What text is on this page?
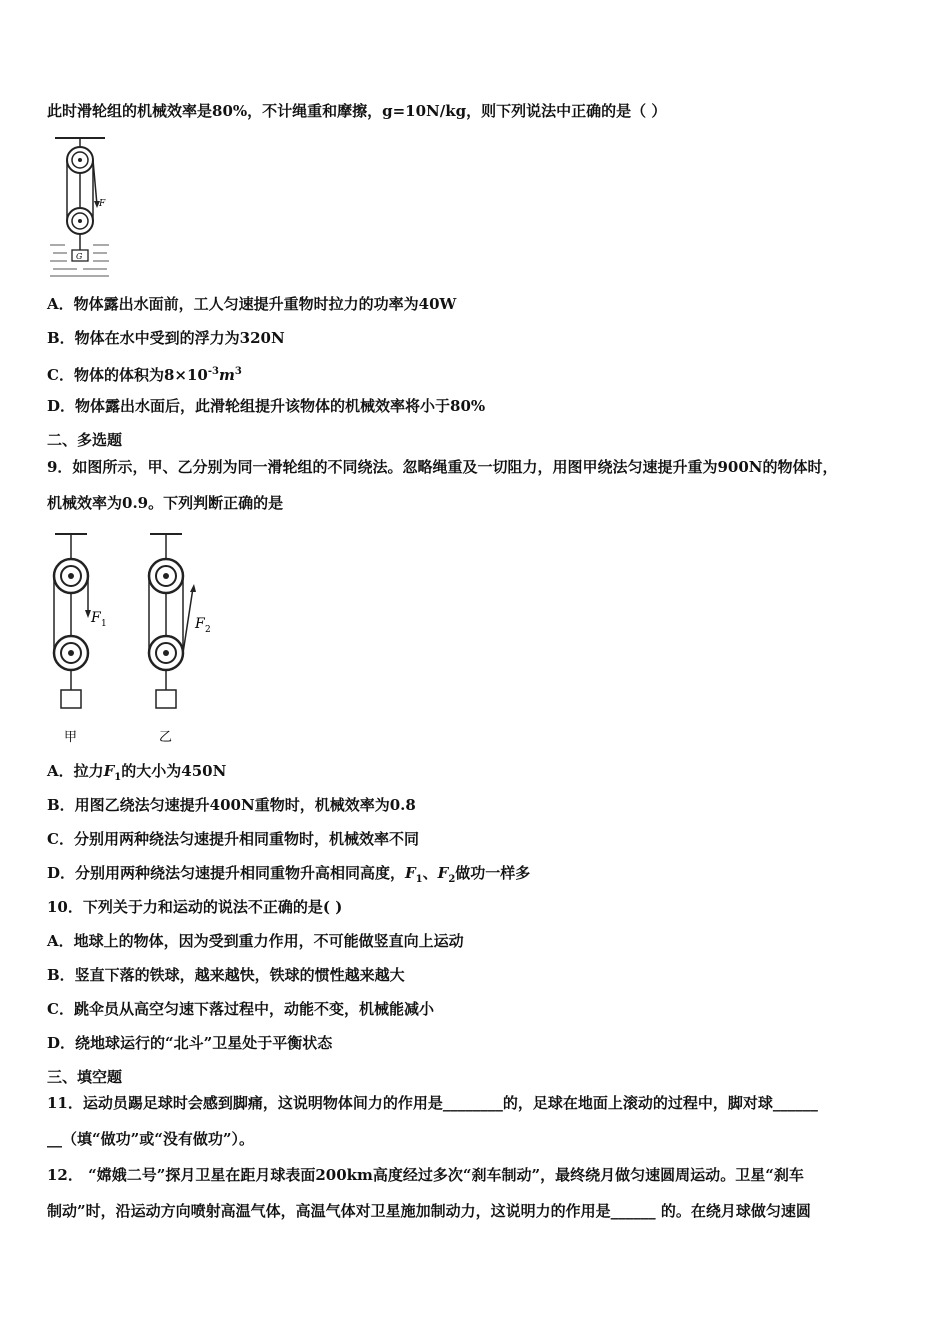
此时滑轮组的机械效率是80%，不计绳重和摩擦，g=10N/kg，则下列说法中正确的是（ ）
F
G
A．物体露出水面前，工人匀速提升重物时拉力的功率为40W
B．物体在水中受到的浮力为320N
C．物体的体积为$8\times 10^{-3}m^3$
D．物体露出水面后，此滑轮组提升该物体的机械效率将小于80%
二、多选题
9．如图所示，甲、乙分别为同一滑轮组的不同绕法。忽略绳重及一切阻力，用图甲绕法匀速提升重为900N的物体时，
机械效率为0.9。下列判断正确的是
F 1
甲
F 2
乙
A．拉力$F_1$的大小为450N
B．用图乙绕法匀速提升400N重物时，机械效率为0.8
C．分别用两种绕法匀速提升相同重物时，机械效率不同
D．分别用两种绕法匀速提升相同重物升高相同高度，$F_1$、$F_2$做功一样多
10．下列关于力和运动的说法不正确的是( )
A．地球上的物体，因为受到重力作用，不可能做竖直向上运动
B．竖直下落的铁球，越来越快，铁球的惯性越来越大
C．跳伞员从高空匀速下落过程中，动能不变，机械能减小
D．绕地球运行的“北斗”卫星处于平衡状态
三、填空题
11．运动员踢足球时会感到脚痛，这说明物体间力的作用是________的，足球在地面上滚动的过程中，脚对球______
__（填“做功”或“没有做功”）。
12． “嫦娥二号”探月卫星在距月球表面200km高度经过多次“刹车制动”，最终绕月做匀速圆周运动。卫星“刹车
制动”时，沿运动方向喷射高温气体，高温气体对卫星施加制动力，这说明力的作用是______ 的。在绕月球做匀速圆
